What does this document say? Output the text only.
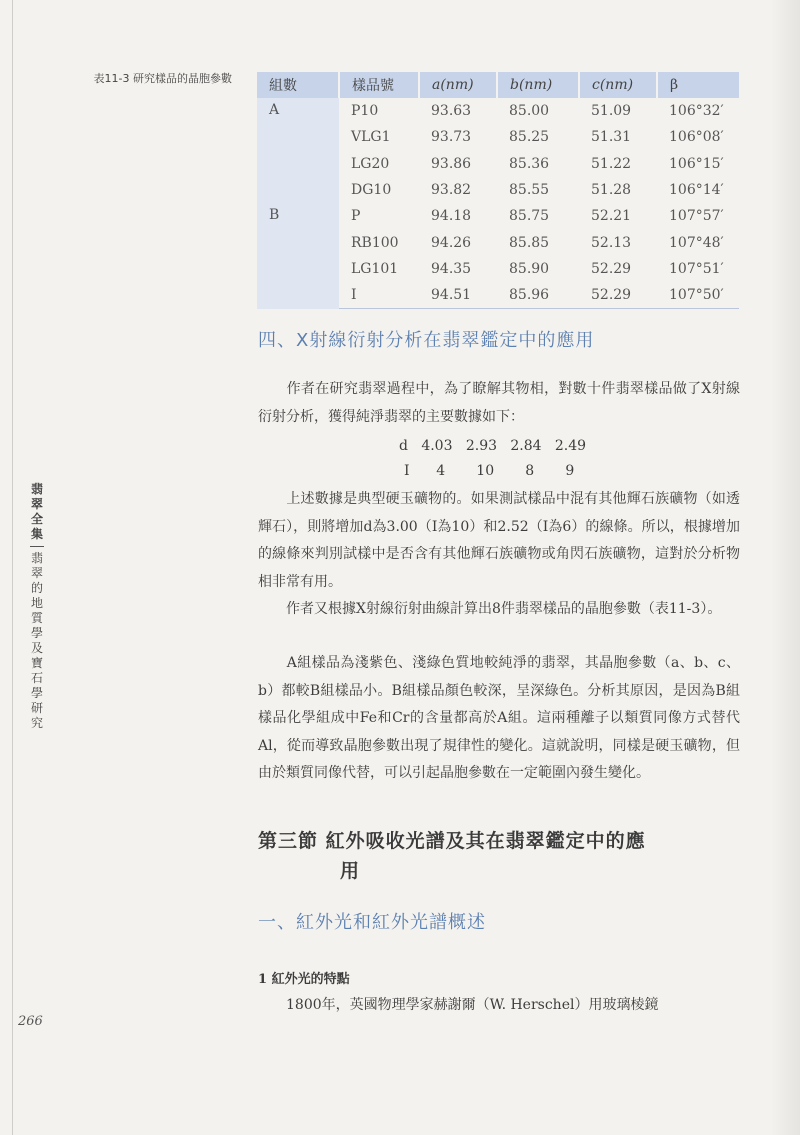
表11-3 研究樣品的晶胞參數	組數	樣品號	a(nm)	b(nm)	c(nm)	β
A	P10	93.63	85.00	51.09	106°32′
	VLG1	93.73	85.25	51.31	106°08′
	LG20	93.86	85.36	51.22	106°15′
	DG10	93.82	85.55	51.28	106°14′
B	P	94.18	85.75	52.21	107°57′
	RB100	94.26	85.85	52.13	107°48′
	LG101	94.35	85.90	52.29	107°51′
	I	94.51	85.96	52.29	107°50′
四、X射線衍射分析在翡翠鑑定中的應用
　　作者在研究翡翠過程中，為了瞭解其物相，對數十件翡翠樣品做了X射線衍射分析，獲得純淨翡翠的主要數據如下：
d   4.03   2.93   2.84   2.49
I      4       10       8       9
　　上述數據是典型硬玉礦物的。如果測試樣品中混有其他輝石族礦物（如透輝石），則將增加d為3.00（I為10）和2.52（I為6）的線條。所以，根據增加的線條來判別試樣中是否含有其他輝石族礦物或角閃石族礦物，這對於分析物相非常有用。
　　作者又根據X射線衍射曲線計算出8件翡翠樣品的晶胞參數（表11-3）。
　　A組樣品為淺紫色、淺綠色質地較純淨的翡翠，其晶胞參數（a、b、c、b）都較B組樣品小。B組樣品顏色較深，呈深綠色。分析其原因，是因為B組樣品化學組成中Fe和Cr的含量都高於A組。這兩種離子以類質同像方式替代Al，從而導致晶胞參數出現了規律性的變化。這就說明，同樣是硬玉礦物，但由於類質同像代替，可以引起晶胞參數在一定範圍內發生變化。
翡
翠
全
集
翡
翠
的
地
質
學
及
寶
石
學
研
究
第三節 紅外吸收光譜及其在翡翠鑑定中的應
用
一、紅外光和紅外光譜概述
1 紅外光的特點
　　1800年，英國物理學家赫謝爾（W. Herschel）用玻璃棱鏡
266
